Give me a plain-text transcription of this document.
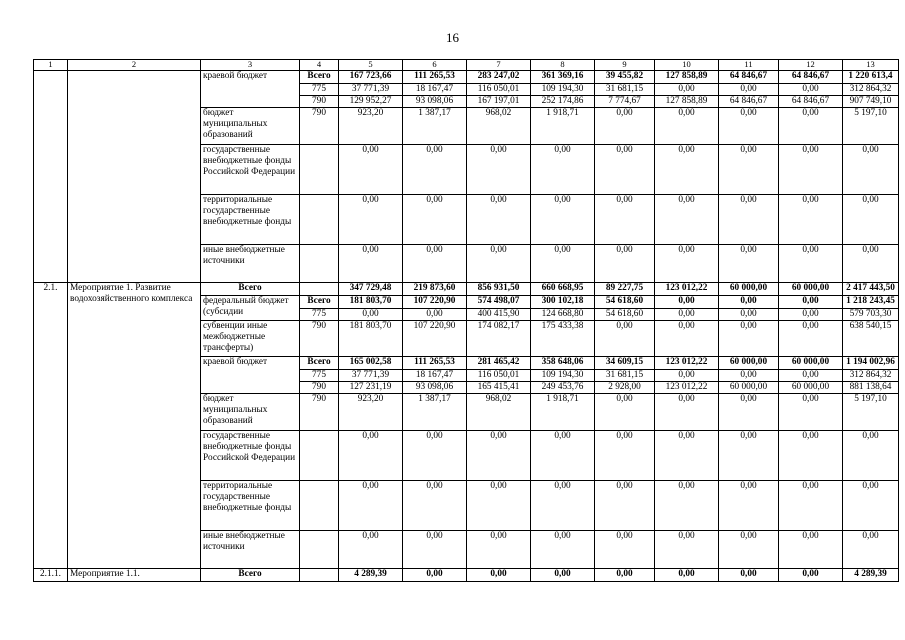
16
1	2	3	4	5	6	7	8	9	10	11	12	13
		краевой бюджет	Всего	167 723,66	111 265,53	283 247,02	361 369,16	39 455,82	127 858,89	64 846,67	64 846,67	1 220 613,4
			775	37 771,39	18 167,47	116 050,01	109 194,30	31 681,15	0,00	0,00	0,00	312 864,32
			790	129 952,27	93 098,06	167 197,01	252 174,86	7 774,67	127 858,89	64 846,67	64 846,67	907 749,10
		бюджет муниципальных образований	790	923,20	1 387,17	968,02	1 918,71	0,00	0,00	0,00	0,00	5 197,10
		государственные внебюджетные фонды Российской Федерации		0,00	0,00	0,00	0,00	0,00	0,00	0,00	0,00	0,00
		территориальные государственные внебюджетные фонды		0,00	0,00	0,00	0,00	0,00	0,00	0,00	0,00	0,00
		иные внебюджетные источники		0,00	0,00	0,00	0,00	0,00	0,00	0,00	0,00	0,00
2.1.	Мероприятие 1. Развитие водохозяйственного комплекса	Всего		347 729,48	219 873,60	856 931,50	660 668,95	89 227,75	123 012,22	60 000,00	60 000,00	2 417 443,50
		федеральный бюджет (субсидии	Всего	181 803,70	107 220,90	574 498,07	300 102,18	54 618,60	0,00	0,00	0,00	1 218 243,45
			775	0,00	0,00	400 415,90	124 668,80	54 618,60	0,00	0,00	0,00	579 703,30
		субвенции иные межбюджетные трансферты)	790	181 803,70	107 220,90	174 082,17	175 433,38	0,00	0,00	0,00	0,00	638 540,15
		краевой бюджет	Всего	165 002,58	111 265,53	281 465,42	358 648,06	34 609,15	123 012,22	60 000,00	60 000,00	1 194 002,96
			775	37 771,39	18 167,47	116 050,01	109 194,30	31 681,15	0,00	0,00	0,00	312 864,32
			790	127 231,19	93 098,06	165 415,41	249 453,76	2 928,00	123 012,22	60 000,00	60 000,00	881 138,64
		бюджет муниципальных образований	790	923,20	1 387,17	968,02	1 918,71	0,00	0,00	0,00	0,00	5 197,10
		государственные внебюджетные фонды Российской Федерации		0,00	0,00	0,00	0,00	0,00	0,00	0,00	0,00	0,00
		территориальные государственные внебюджетные фонды		0,00	0,00	0,00	0,00	0,00	0,00	0,00	0,00	0,00
		иные внебюджетные источники		0,00	0,00	0,00	0,00	0,00	0,00	0,00	0,00	0,00
2.1.1.	Мероприятие 1.1.	Всего		4 289,39	0,00	0,00	0,00	0,00	0,00	0,00	0,00	4 289,39
